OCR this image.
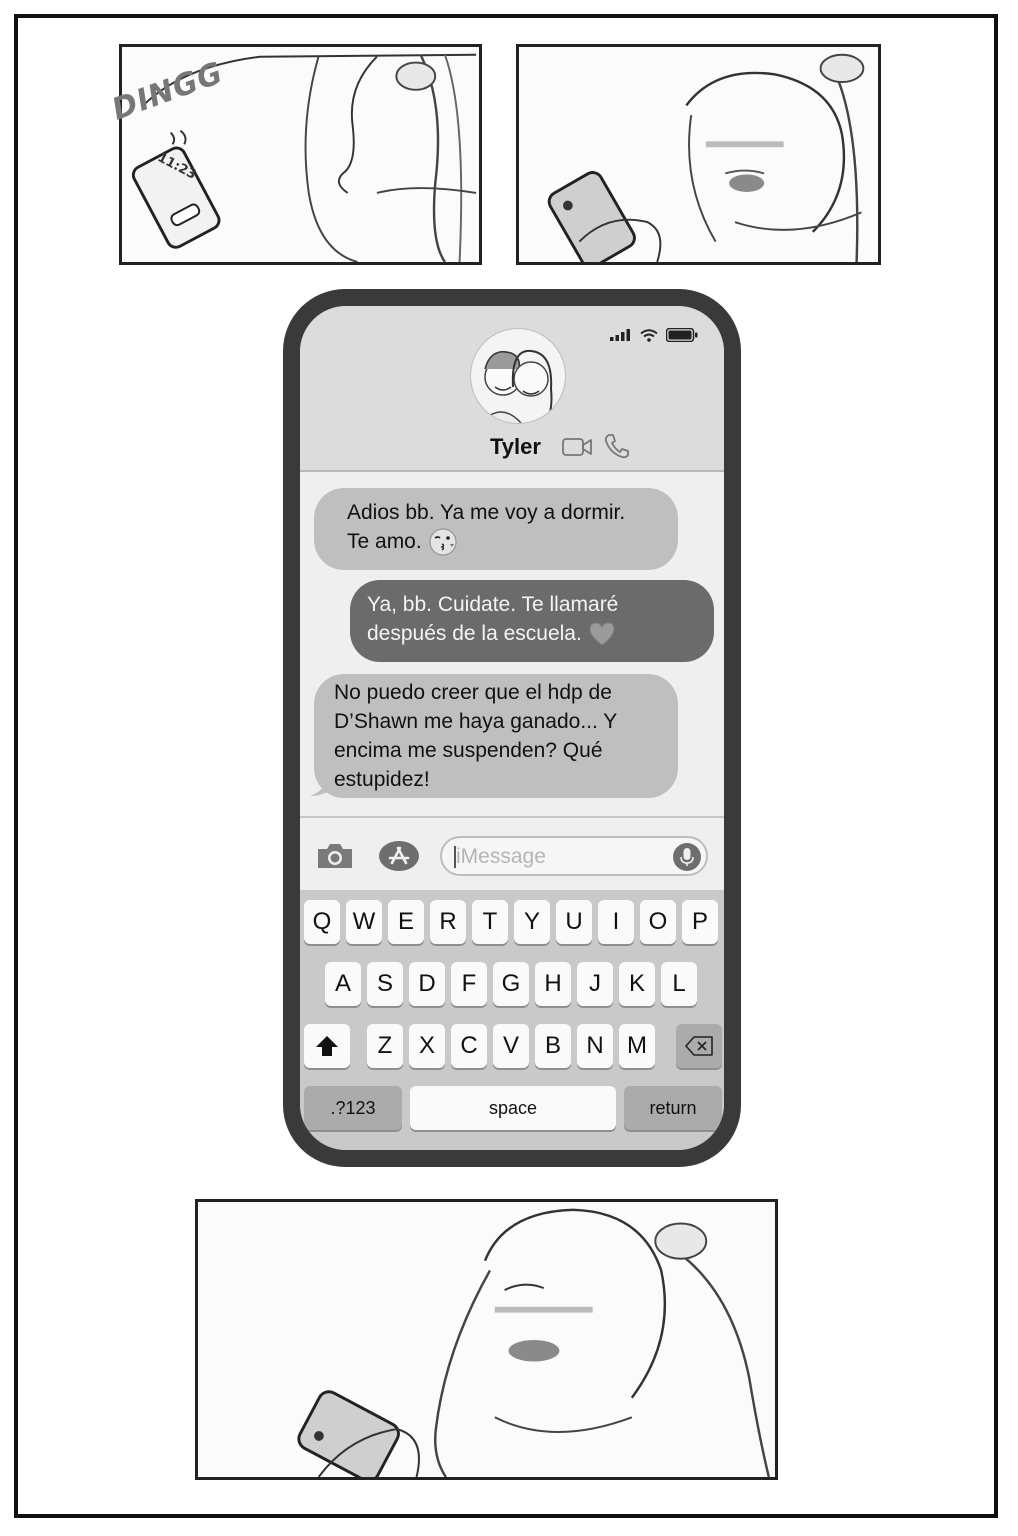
11:23
DINGG
Tyler
Adios bb. Ya me voy a dormir.
Te amo.
Ya, bb. Cuidate. Te llamaré
después de la escuela.
No puedo creer que el hdp de
D’Shawn me haya ganado... Y
encima me suspenden? Qué
estupidez!
iMessage
Q W E	R	T	Y	U	I	O	P
A	S	D	F	G	H	J	K	L
Z	X	C	V	B	N M
.?123	space	return
